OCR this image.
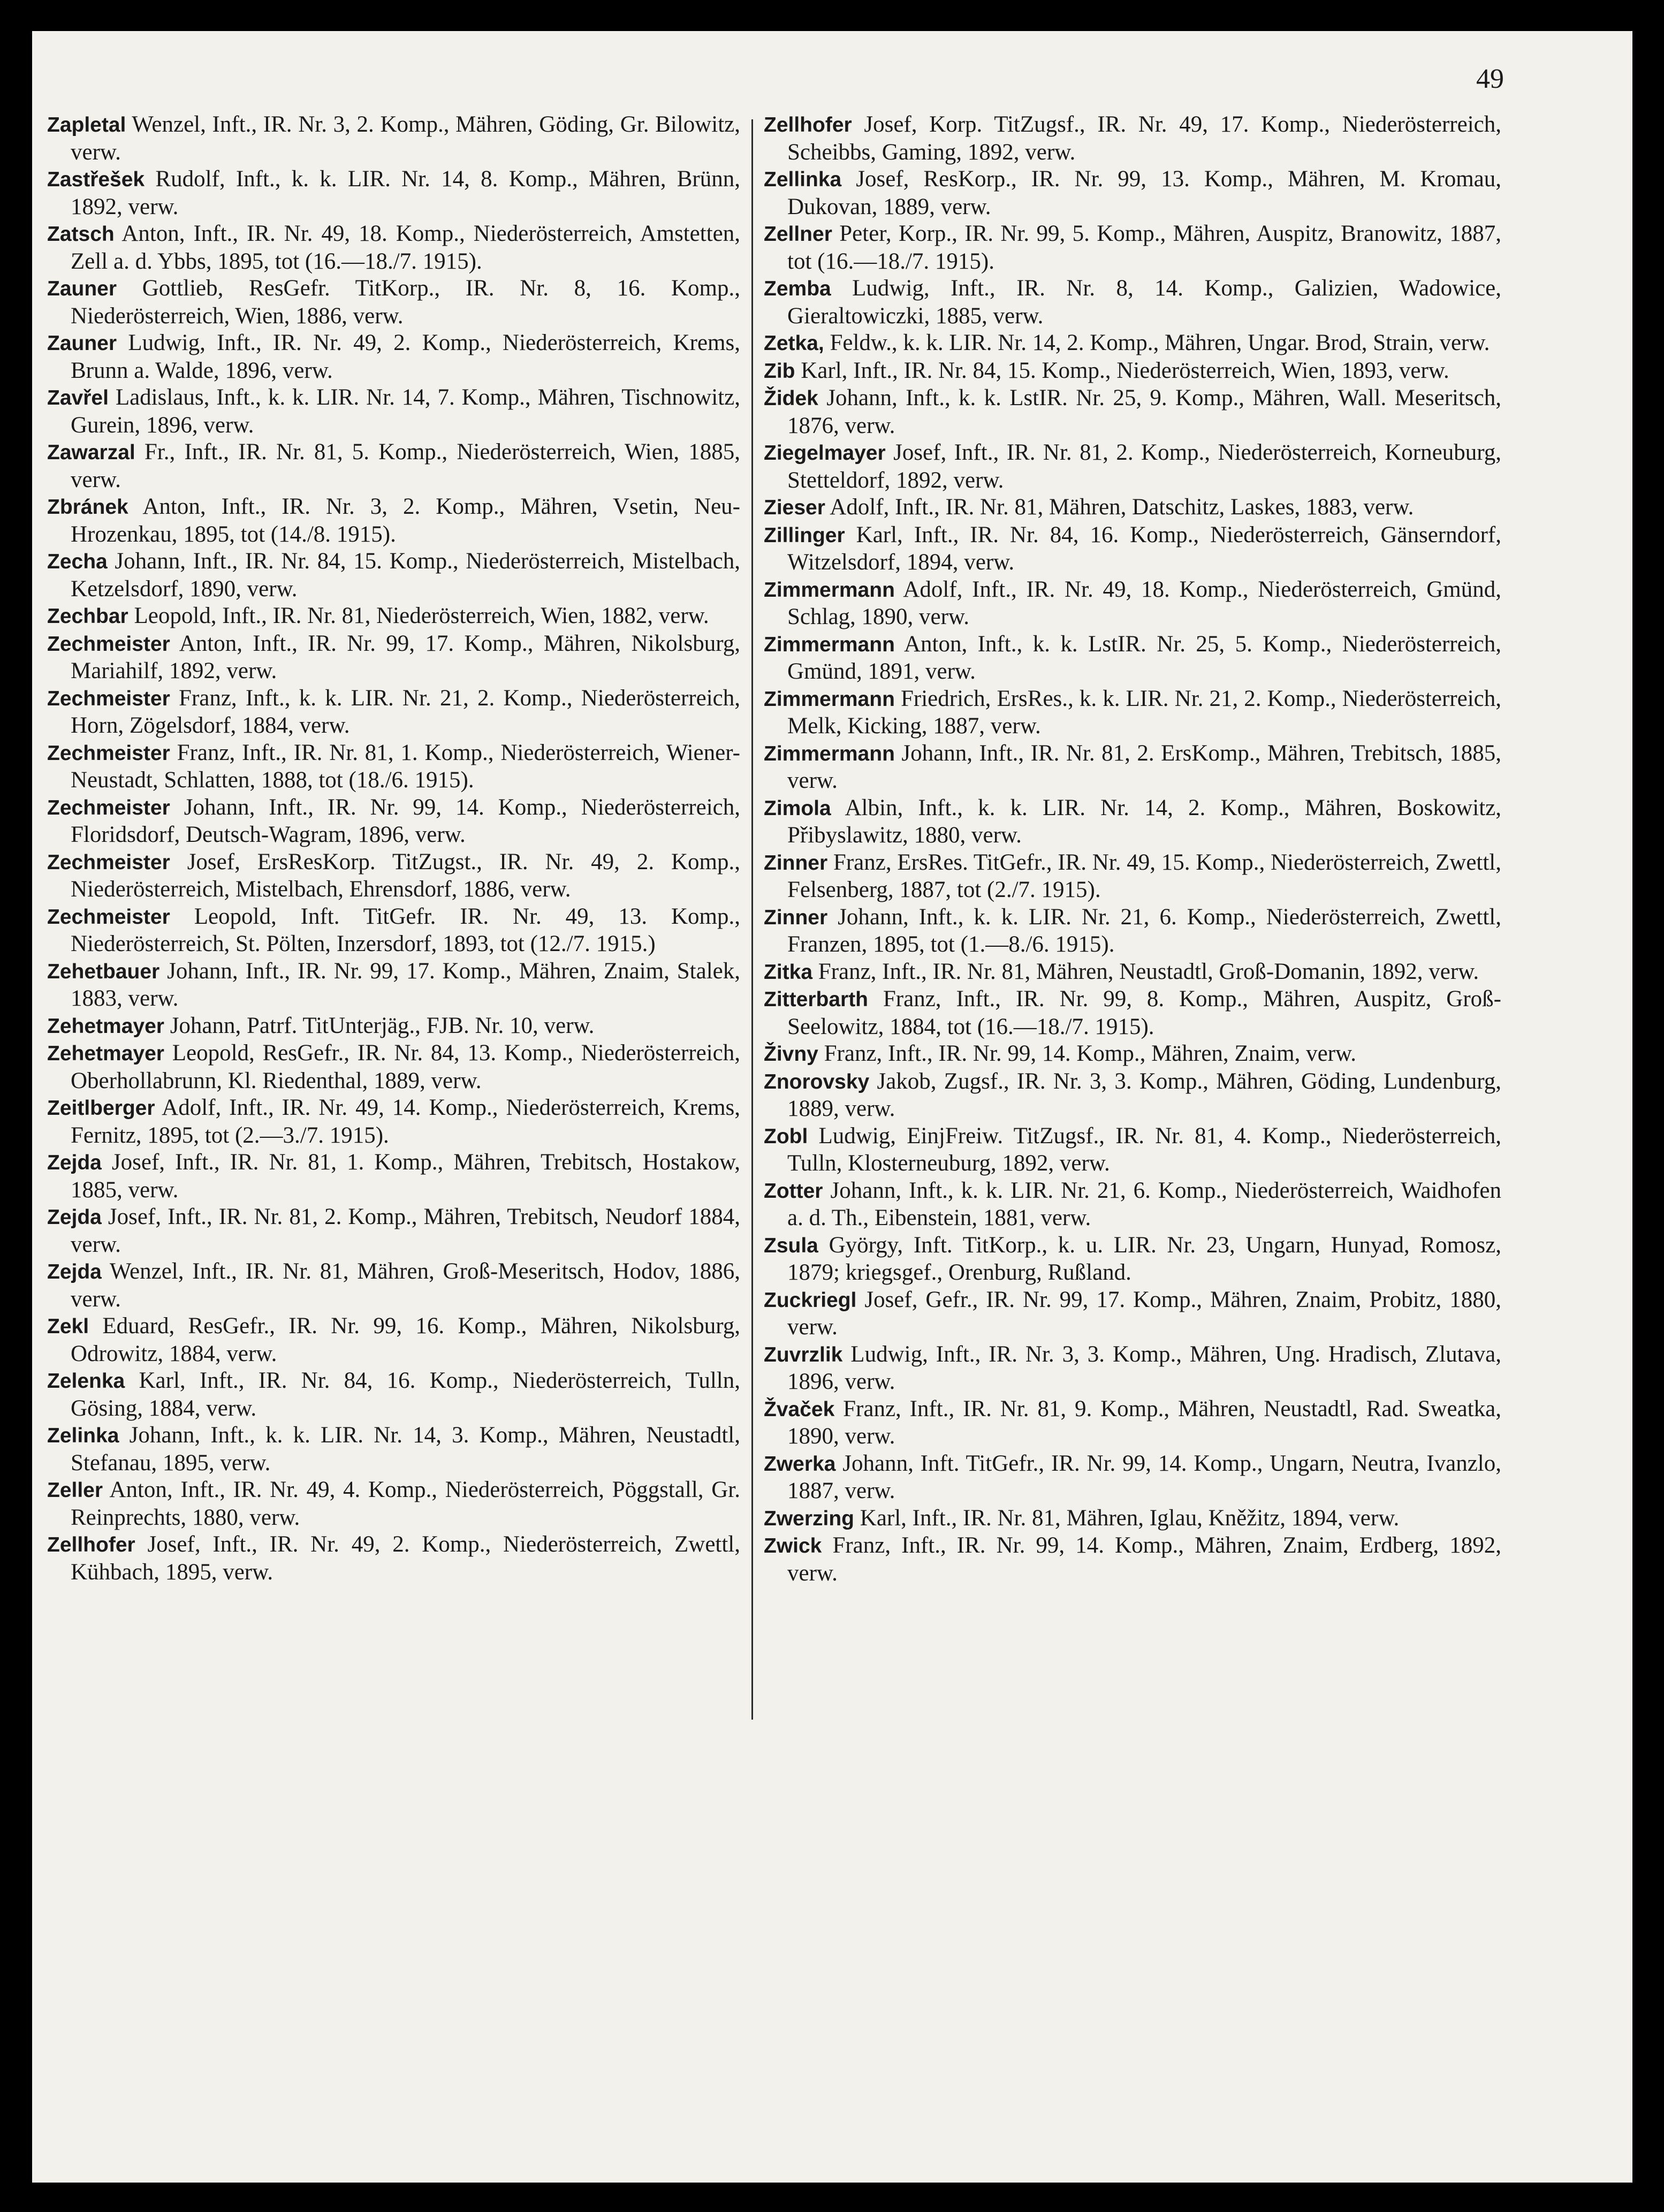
49
Zapletal Wenzel, Inft., IR. Nr. 3, 2. Komp., Mähren, Göding, Gr. Bilowitz, verw.
Zastřešek Rudolf, Inft., k. k. LIR. Nr. 14, 8. Komp., Mähren, Brünn, 1892, verw.
Zatsch Anton, Inft., IR. Nr. 49, 18. Komp., Niederösterreich, Amstetten, Zell a. d. Ybbs, 1895, tot (16.—18./7. 1915).
Zauner Gottlieb, ResGefr. TitKorp., IR. Nr. 8, 16. Komp., Niederösterreich, Wien, 1886, verw.
Zauner Ludwig, Inft., IR. Nr. 49, 2. Komp., Niederösterreich, Krems, Brunn a. Walde, 1896, verw.
Zavřel Ladislaus, Inft., k. k. LIR. Nr. 14, 7. Komp., Mähren, Tischnowitz, Gurein, 1896, verw.
Zawarzal Fr., Inft., IR. Nr. 81, 5. Komp., Niederösterreich, Wien, 1885, verw.
Zbránek Anton, Inft., IR. Nr. 3, 2. Komp., Mähren, Vsetin, Neu-Hrozenkau, 1895, tot (14./8. 1915).
Zecha Johann, Inft., IR. Nr. 84, 15. Komp., Niederösterreich, Mistelbach, Ketzelsdorf, 1890, verw.
Zechbar Leopold, Inft., IR. Nr. 81, Niederösterreich, Wien, 1882, verw.
Zechmeister Anton, Inft., IR. Nr. 99, 17. Komp., Mähren, Nikolsburg, Mariahilf, 1892, verw.
Zechmeister Franz, Inft., k. k. LIR. Nr. 21, 2. Komp., Niederösterreich, Horn, Zögelsdorf, 1884, verw.
Zechmeister Franz, Inft., IR. Nr. 81, 1. Komp., Niederösterreich, Wiener-Neustadt, Schlatten, 1888, tot (18./6. 1915).
Zechmeister Johann, Inft., IR. Nr. 99, 14. Komp., Niederösterreich, Floridsdorf, Deutsch-Wagram, 1896, verw.
Zechmeister Josef, ErsResKorp. TitZugst., IR. Nr. 49, 2. Komp., Niederösterreich, Mistelbach, Ehrensdorf, 1886, verw.
Zechmeister Leopold, Inft. TitGefr. IR. Nr. 49, 13. Komp., Niederösterreich, St. Pölten, Inzersdorf, 1893, tot (12./7. 1915.)
Zehetbauer Johann, Inft., IR. Nr. 99, 17. Komp., Mähren, Znaim, Stalek, 1883, verw.
Zehetmayer Johann, Patrf. TitUnterjäg., FJB. Nr. 10, verw.
Zehetmayer Leopold, ResGefr., IR. Nr. 84, 13. Komp., Niederösterreich, Oberhollabrunn, Kl. Riedenthal, 1889, verw.
Zeitlberger Adolf, Inft., IR. Nr. 49, 14. Komp., Niederösterreich, Krems, Fernitz, 1895, tot (2.—3./7. 1915).
Zejda Josef, Inft., IR. Nr. 81, 1. Komp., Mähren, Trebitsch, Hostakow, 1885, verw.
Zejda Josef, Inft., IR. Nr. 81, 2. Komp., Mähren, Trebitsch, Neudorf 1884, verw.
Zejda Wenzel, Inft., IR. Nr. 81, Mähren, Groß-Meseritsch, Hodov, 1886, verw.
Zekl Eduard, ResGefr., IR. Nr. 99, 16. Komp., Mähren, Nikolsburg, Odrowitz, 1884, verw.
Zelenka Karl, Inft., IR. Nr. 84, 16. Komp., Niederösterreich, Tulln, Gösing, 1884, verw.
Zelinka Johann, Inft., k. k. LIR. Nr. 14, 3. Komp., Mähren, Neustadtl, Stefanau, 1895, verw.
Zeller Anton, Inft., IR. Nr. 49, 4. Komp., Niederösterreich, Pöggstall, Gr. Reinprechts, 1880, verw.
Zellhofer Josef, Inft., IR. Nr. 49, 2. Komp., Niederösterreich, Zwettl, Kühbach, 1895, verw.
Zellhofer Josef, Korp. TitZugsf., IR. Nr. 49, 17. Komp., Niederösterreich, Scheibbs, Gaming, 1892, verw.
Zellinka Josef, ResKorp., IR. Nr. 99, 13. Komp., Mähren, M. Kromau, Dukovan, 1889, verw.
Zellner Peter, Korp., IR. Nr. 99, 5. Komp., Mähren, Auspitz, Branowitz, 1887, tot (16.—18./7. 1915).
Zemba Ludwig, Inft., IR. Nr. 8, 14. Komp., Galizien, Wadowice, Gieraltowiczki, 1885, verw.
Zetka, Feldw., k. k. LIR. Nr. 14, 2. Komp., Mähren, Ungar. Brod, Strain, verw.
Zib Karl, Inft., IR. Nr. 84, 15. Komp., Niederösterreich, Wien, 1893, verw.
Židek Johann, Inft., k. k. LstIR. Nr. 25, 9. Komp., Mähren, Wall. Meseritsch, 1876, verw.
Ziegelmayer Josef, Inft., IR. Nr. 81, 2. Komp., Niederösterreich, Korneuburg, Stetteldorf, 1892, verw.
Zieser Adolf, Inft., IR. Nr. 81, Mähren, Datschitz, Laskes, 1883, verw.
Zillinger Karl, Inft., IR. Nr. 84, 16. Komp., Niederösterreich, Gänserndorf, Witzelsdorf, 1894, verw.
Zimmermann Adolf, Inft., IR. Nr. 49, 18. Komp., Niederösterreich, Gmünd, Schlag, 1890, verw.
Zimmermann Anton, Inft., k. k. LstIR. Nr. 25, 5. Komp., Niederösterreich, Gmünd, 1891, verw.
Zimmermann Friedrich, ErsRes., k. k. LIR. Nr. 21, 2. Komp., Niederösterreich, Melk, Kicking, 1887, verw.
Zimmermann Johann, Inft., IR. Nr. 81, 2. ErsKomp., Mähren, Trebitsch, 1885, verw.
Zimola Albin, Inft., k. k. LIR. Nr. 14, 2. Komp., Mähren, Boskowitz, Přibyslawitz, 1880, verw.
Zinner Franz, ErsRes. TitGefr., IR. Nr. 49, 15. Komp., Niederösterreich, Zwettl, Felsenberg, 1887, tot (2./7. 1915).
Zinner Johann, Inft., k. k. LIR. Nr. 21, 6. Komp., Niederösterreich, Zwettl, Franzen, 1895, tot (1.—8./6. 1915).
Zitka Franz, Inft., IR. Nr. 81, Mähren, Neustadtl, Groß-Domanin, 1892, verw.
Zitterbarth Franz, Inft., IR. Nr. 99, 8. Komp., Mähren, Auspitz, Groß-Seelowitz, 1884, tot (16.—18./7. 1915).
Živny Franz, Inft., IR. Nr. 99, 14. Komp., Mähren, Znaim, verw.
Znorovsky Jakob, Zugsf., IR. Nr. 3, 3. Komp., Mähren, Göding, Lundenburg, 1889, verw.
Zobl Ludwig, EinjFreiw. TitZugsf., IR. Nr. 81, 4. Komp., Niederösterreich, Tulln, Klosterneuburg, 1892, verw.
Zotter Johann, Inft., k. k. LIR. Nr. 21, 6. Komp., Niederösterreich, Waidhofen a. d. Th., Eibenstein, 1881, verw.
Zsula György, Inft. TitKorp., k. u. LIR. Nr. 23, Ungarn, Hunyad, Romosz, 1879; kriegsgef., Orenburg, Rußland.
Zuckriegl Josef, Gefr., IR. Nr. 99, 17. Komp., Mähren, Znaim, Probitz, 1880, verw.
Zuvrzlik Ludwig, Inft., IR. Nr. 3, 3. Komp., Mähren, Ung. Hradisch, Zlutava, 1896, verw.
Žvaček Franz, Inft., IR. Nr. 81, 9. Komp., Mähren, Neustadtl, Rad. Sweatka, 1890, verw.
Zwerka Johann, Inft. TitGefr., IR. Nr. 99, 14. Komp., Ungarn, Neutra, Ivanzlo, 1887, verw.
Zwerzing Karl, Inft., IR. Nr. 81, Mähren, Iglau, Kněžitz, 1894, verw.
Zwick Franz, Inft., IR. Nr. 99, 14. Komp., Mähren, Znaim, Erdberg, 1892, verw.
